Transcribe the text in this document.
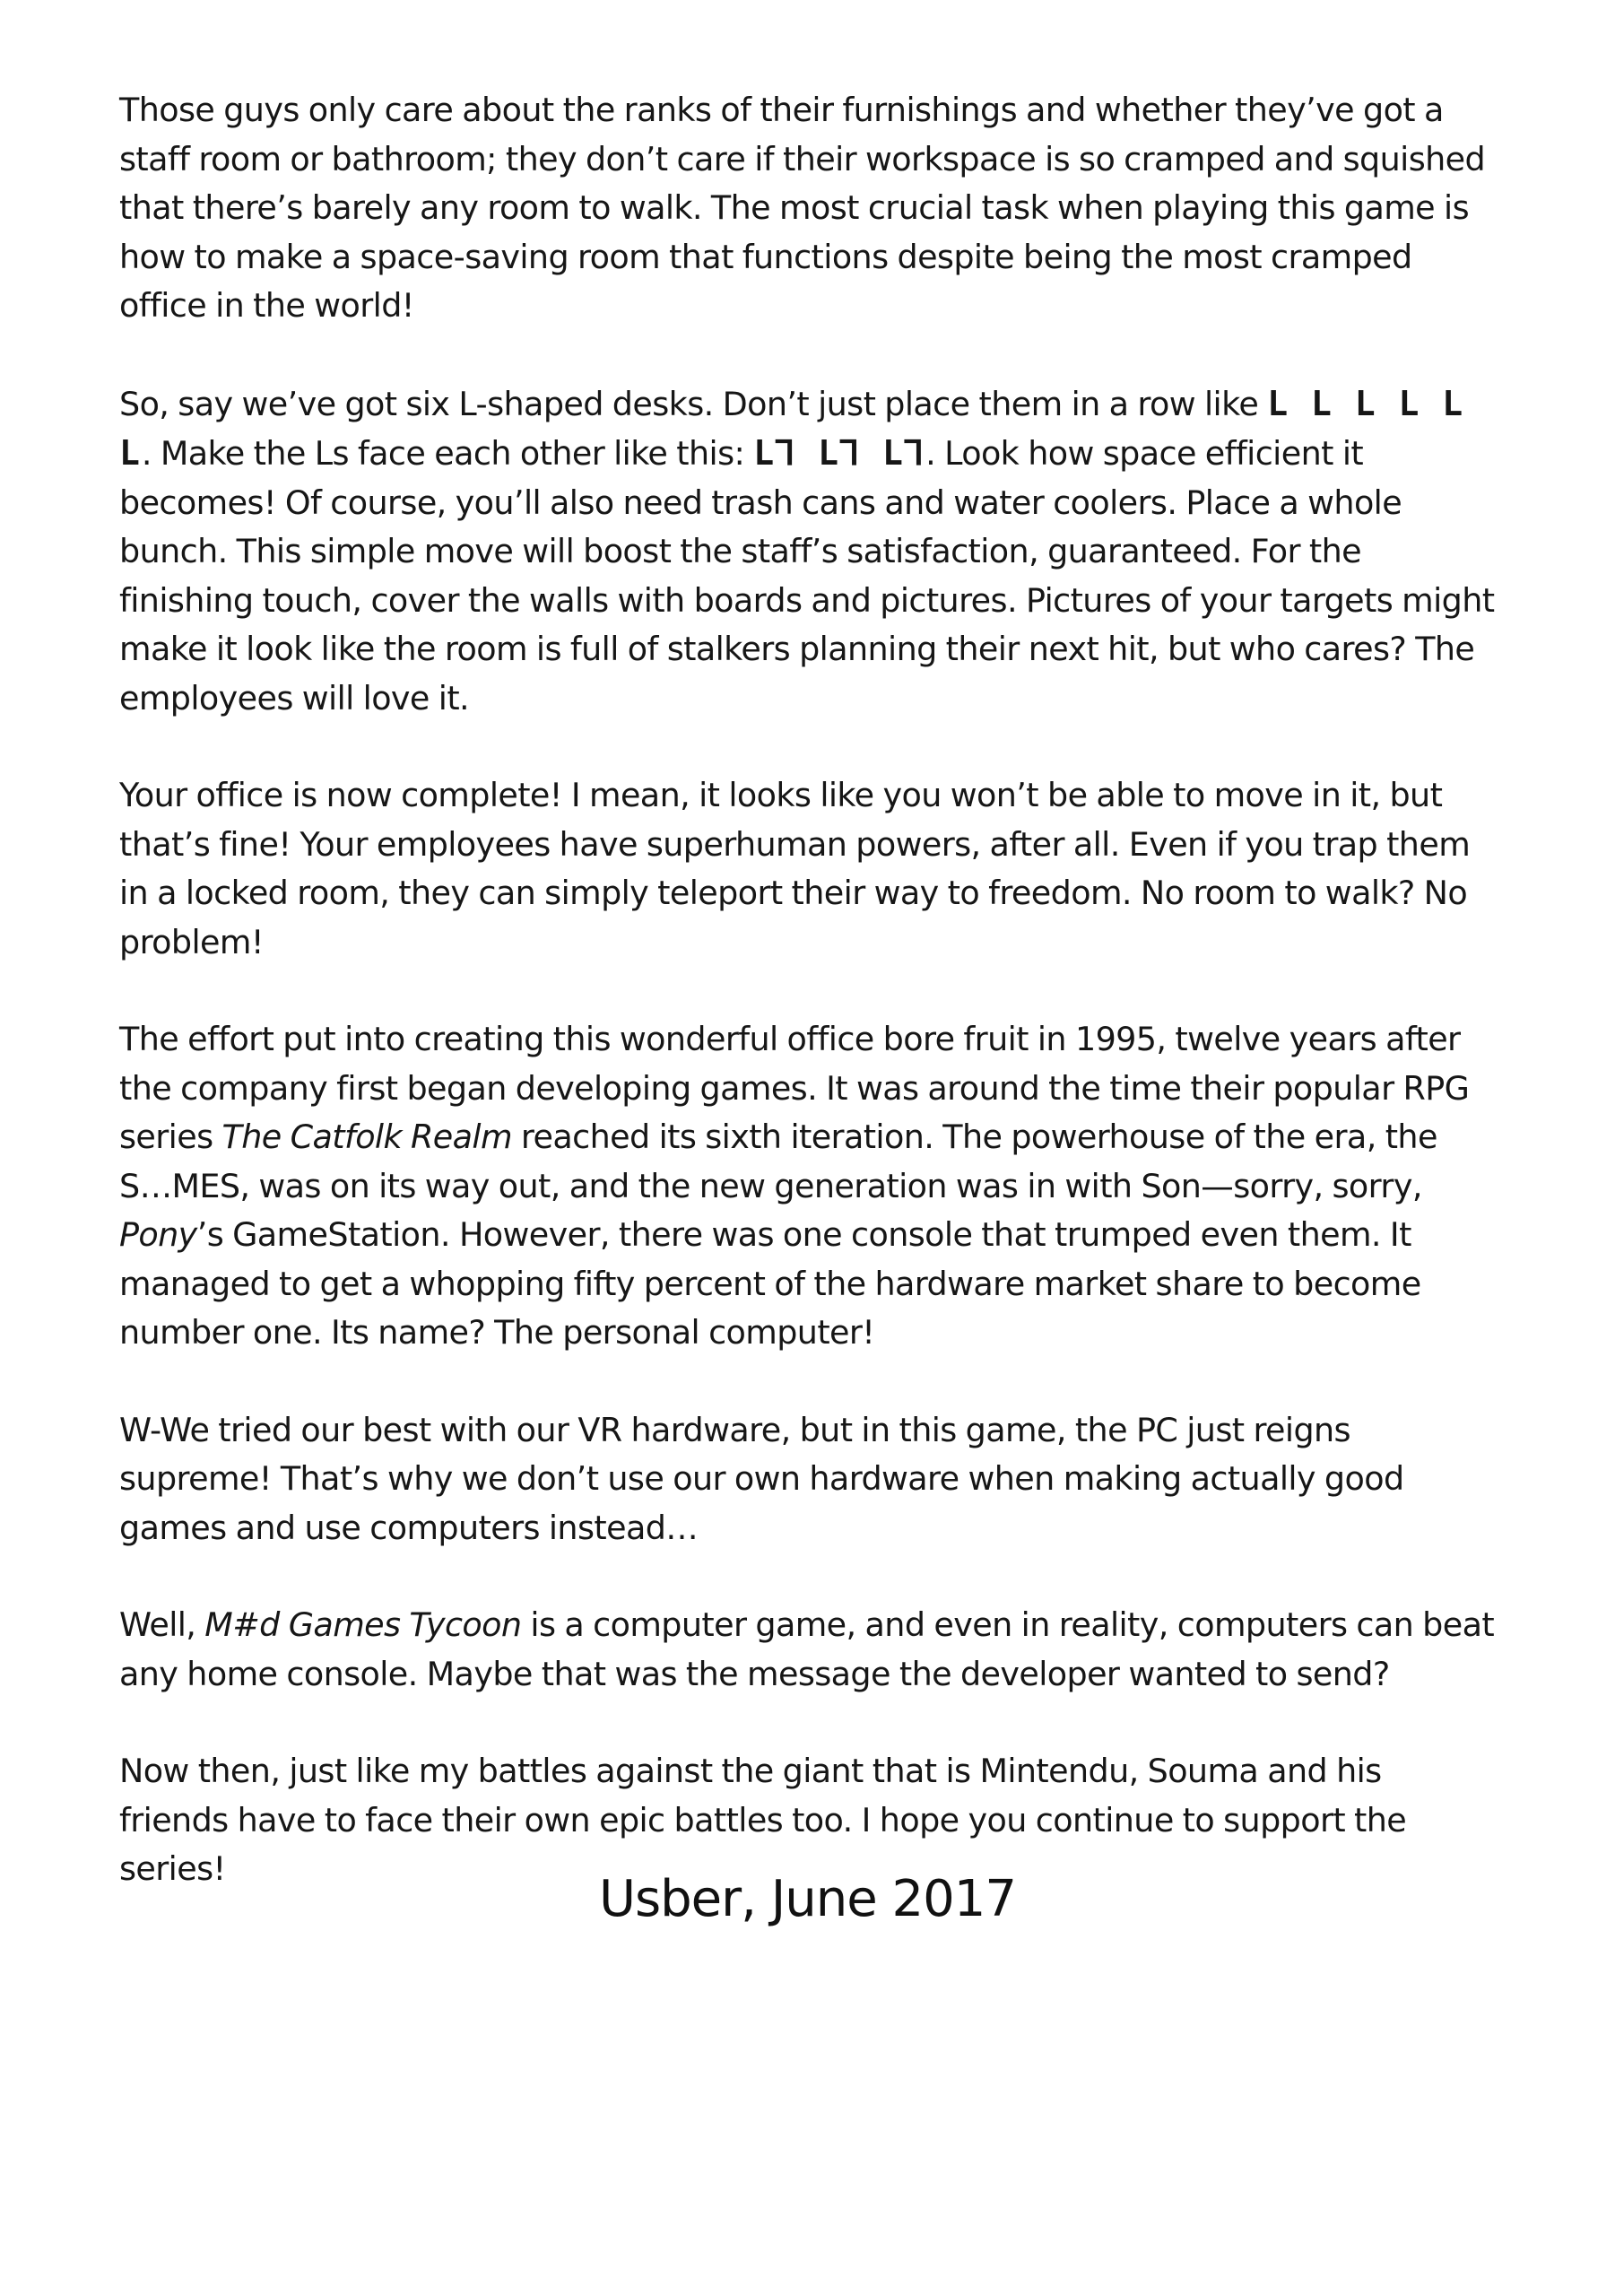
Those guys only care about the ranks of their furnishings and whether they’ve got a staff room or bathroom; they don’t care if their workspace is so cramped and squished that there’s barely any room to walk. The most crucial task when playing this game is how to make a space-saving room that functions despite being the most cramped office in the world!

So, say we’ve got six L-shaped desks. Don’t just place them in a row like L L L L L L. Make the Ls face each other like this: L⅂ L⅂ L⅂. Look how space efficient it becomes! Of course, you’ll also need trash cans and water coolers. Place a whole bunch. This simple move will boost the staff’s satisfaction, guaranteed. For the finishing touch, cover the walls with boards and pictures. Pictures of your targets might make it look like the room is full of stalkers planning their next hit, but who cares? The employees will love it.

Your office is now complete! I mean, it looks like you won’t be able to move in it, but that’s fine! Your employees have superhuman powers, after all. Even if you trap them in a locked room, they can simply teleport their way to freedom. No room to walk? No problem!

The effort put into creating this wonderful office bore fruit in 1995, twelve years after the company first began developing games. It was around the time their popular RPG series The Catfolk Realm reached its sixth iteration. The powerhouse of the era, the S…MES, was on its way out, and the new generation was in with Son—sorry, sorry, Pony’s GameStation. However, there was one console that trumped even them. It managed to get a whopping fifty percent of the hardware market share to become number one. Its name? The personal computer!

W-We tried our best with our VR hardware, but in this game, the PC just reigns supreme! That’s why we don’t use our own hardware when making actually good games and use computers instead…

Well, M#d Games Tycoon is a computer game, and even in reality, computers can beat any home console. Maybe that was the message the developer wanted to send?

Now then, just like my battles against the giant that is Mintendu, Souma and his friends have to face their own epic battles too. I hope you continue to support the series!

Usber, June 2017
